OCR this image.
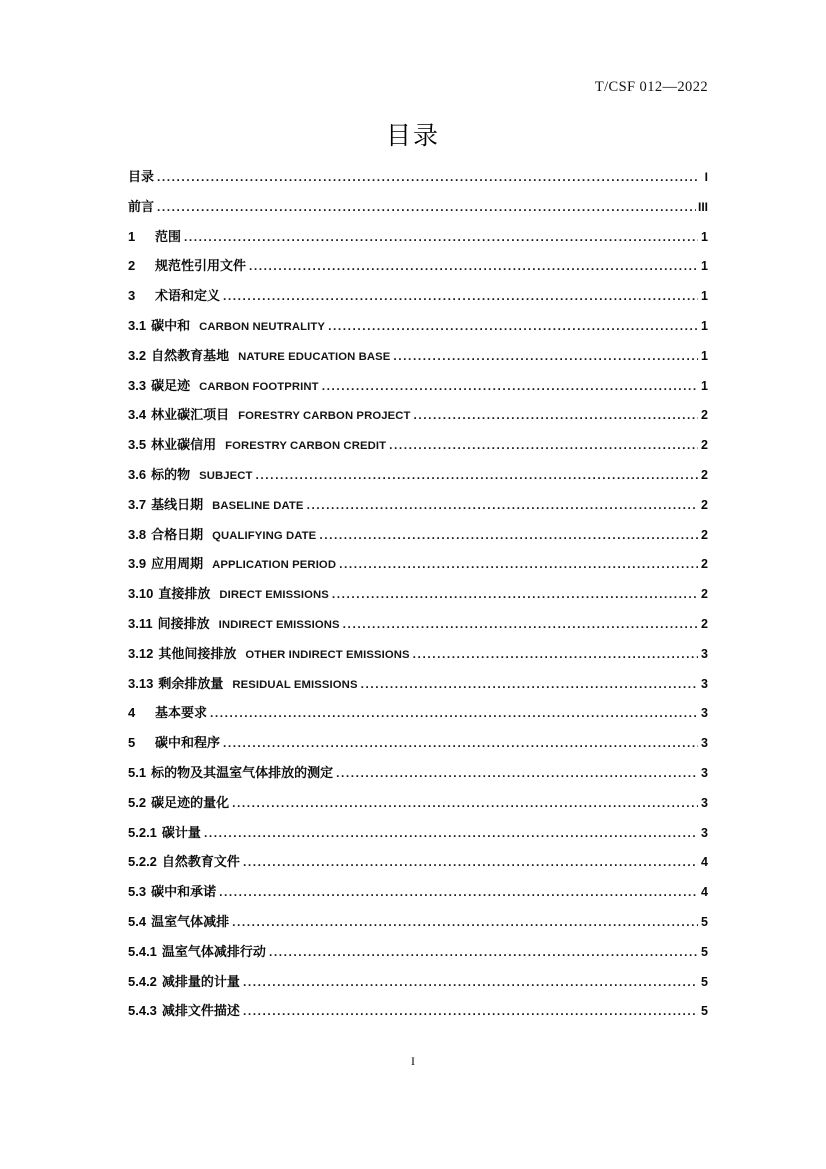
T/CSF 012—2022
目录
目录 .....	I
前言 .....	III
1	范围 .....	1
2	规范性引用文件 .....	1
3	术语和定义 .....	1
3.1 碳中和 CARBON NEUTRALITY .....	1
3.2 自然教育基地 NATURE EDUCATION BASE .....	1
3.3 碳足迹 CARBON FOOTPRINT .....	1
3.4 林业碳汇项目 FORESTRY CARBON PROJECT .....	2
3.5 林业碳信用 FORESTRY CARBON CREDIT .....	2
3.6 标的物 SUBJECT .....	2
3.7 基线日期 BASELINE DATE .....	2
3.8 合格日期 QUALIFYING DATE .....	2
3.9 应用周期 APPLICATION PERIOD .....	2
3.10 直接排放 DIRECT EMISSIONS .....	2
3.11 间接排放 INDIRECT EMISSIONS .....	2
3.12 其他间接排放 OTHER INDIRECT EMISSIONS .....	3
3.13 剩余排放量 RESIDUAL EMISSIONS .....	3
4	基本要求 .....	3
5	碳中和程序 .....	3
5.1 标的物及其温室气体排放的测定 .....	3
5.2 碳足迹的量化 .....	3
5.2.1 碳计量 .....	3
5.2.2 自然教育文件 .....	4
5.3 碳中和承诺 .....	4
5.4 温室气体减排 .....	5
5.4.1 温室气体减排行动 .....	5
5.4.2 减排量的计量 .....	5
5.4.3 减排文件描述 .....	5
I
